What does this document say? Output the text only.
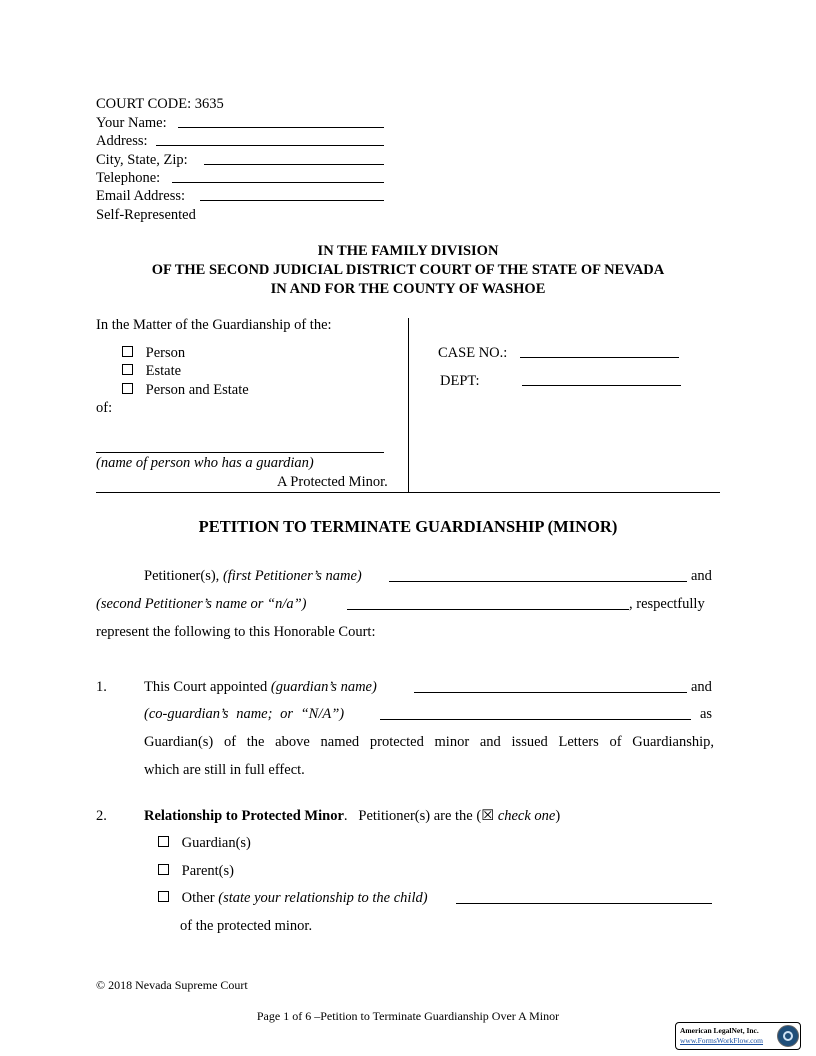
COURT CODE: 3635
Your Name:
Address:
City, State, Zip:
Telephone:
Email Address:
Self-Represented
IN THE FAMILY DIVISION
OF THE SECOND JUDICIAL DISTRICT COURT OF THE STATE OF NEVADA
IN AND FOR THE COUNTY OF WASHOE
In the Matter of the Guardianship of the:
Person
Estate
Person and Estate
of:
(name of person who has a guardian)
A Protected Minor.
CASE NO.:
DEPT:
PETITION TO TERMINATE GUARDIANSHIP (MINOR)
Petitioner(s), (first Petitioner’s name)	and
(second Petitioner’s name or “n/a”)	, respectfully
represent the following to this Honorable Court:
1.	This Court appointed (guardian’s name)	and
(co-guardian’s name; or “N/A”)	as
Guardian(s) of the above named protected minor and issued Letters of Guardianship,
which are still in full effect.
2.	Relationship to Protected Minor.   Petitioner(s) are the (☒ check one)
Guardian(s)
Parent(s)
Other (state your relationship to the child)
of the protected minor.
© 2018 Nevada Supreme Court
Page 1 of 6 –Petition to Terminate Guardianship Over A Minor
American LegalNet, Inc.
www.FormsWorkFlow.com
